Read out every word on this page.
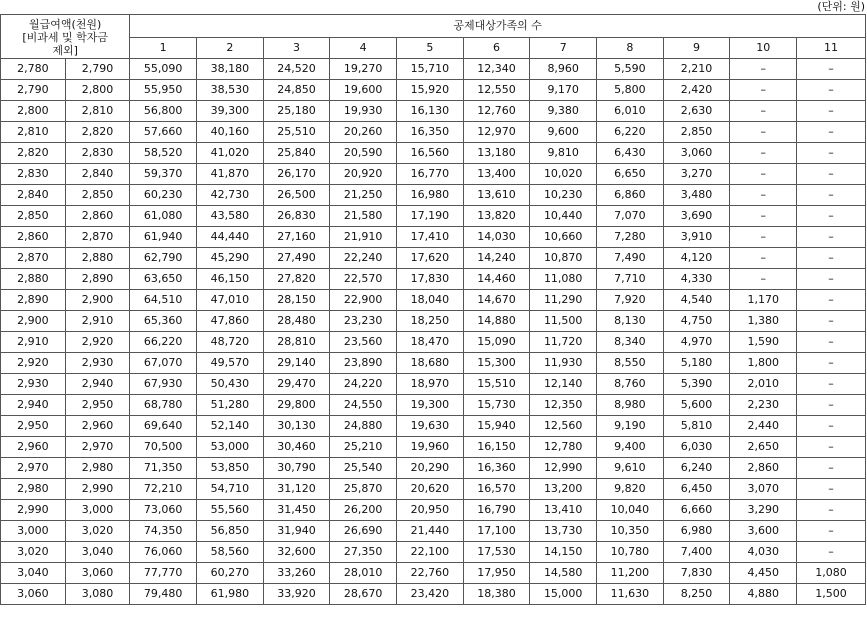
(단위: 원)
월급여액(천원)
[비과세 및 학자금
제외]		공제대상가족의 수										
		1	2	3	4	5	6	7	8	9	10	11
2,780	2,790	55,090	38,180	24,520	19,270	15,710	12,340	8,960	5,590	2,210	–	–
2,790	2,800	55,950	38,530	24,850	19,600	15,920	12,550	9,170	5,800	2,420	–	–
2,800	2,810	56,800	39,300	25,180	19,930	16,130	12,760	9,380	6,010	2,630	–	–
2,810	2,820	57,660	40,160	25,510	20,260	16,350	12,970	9,600	6,220	2,850	–	–
2,820	2,830	58,520	41,020	25,840	20,590	16,560	13,180	9,810	6,430	3,060	–	–
2,830	2,840	59,370	41,870	26,170	20,920	16,770	13,400	10,020	6,650	3,270	–	–
2,840	2,850	60,230	42,730	26,500	21,250	16,980	13,610	10,230	6,860	3,480	–	–
2,850	2,860	61,080	43,580	26,830	21,580	17,190	13,820	10,440	7,070	3,690	–	–
2,860	2,870	61,940	44,440	27,160	21,910	17,410	14,030	10,660	7,280	3,910	–	–
2,870	2,880	62,790	45,290	27,490	22,240	17,620	14,240	10,870	7,490	4,120	–	–
2,880	2,890	63,650	46,150	27,820	22,570	17,830	14,460	11,080	7,710	4,330	–	–
2,890	2,900	64,510	47,010	28,150	22,900	18,040	14,670	11,290	7,920	4,540	1,170	–
2,900	2,910	65,360	47,860	28,480	23,230	18,250	14,880	11,500	8,130	4,750	1,380	–
2,910	2,920	66,220	48,720	28,810	23,560	18,470	15,090	11,720	8,340	4,970	1,590	–
2,920	2,930	67,070	49,570	29,140	23,890	18,680	15,300	11,930	8,550	5,180	1,800	–
2,930	2,940	67,930	50,430	29,470	24,220	18,970	15,510	12,140	8,760	5,390	2,010	–
2,940	2,950	68,780	51,280	29,800	24,550	19,300	15,730	12,350	8,980	5,600	2,230	–
2,950	2,960	69,640	52,140	30,130	24,880	19,630	15,940	12,560	9,190	5,810	2,440	–
2,960	2,970	70,500	53,000	30,460	25,210	19,960	16,150	12,780	9,400	6,030	2,650	–
2,970	2,980	71,350	53,850	30,790	25,540	20,290	16,360	12,990	9,610	6,240	2,860	–
2,980	2,990	72,210	54,710	31,120	25,870	20,620	16,570	13,200	9,820	6,450	3,070	–
2,990	3,000	73,060	55,560	31,450	26,200	20,950	16,790	13,410	10,040	6,660	3,290	–
3,000	3,020	74,350	56,850	31,940	26,690	21,440	17,100	13,730	10,350	6,980	3,600	–
3,020	3,040	76,060	58,560	32,600	27,350	22,100	17,530	14,150	10,780	7,400	4,030	–
3,040	3,060	77,770	60,270	33,260	28,010	22,760	17,950	14,580	11,200	7,830	4,450	1,080
3,060	3,080	79,480	61,980	33,920	28,670	23,420	18,380	15,000	11,630	8,250	4,880	1,500
